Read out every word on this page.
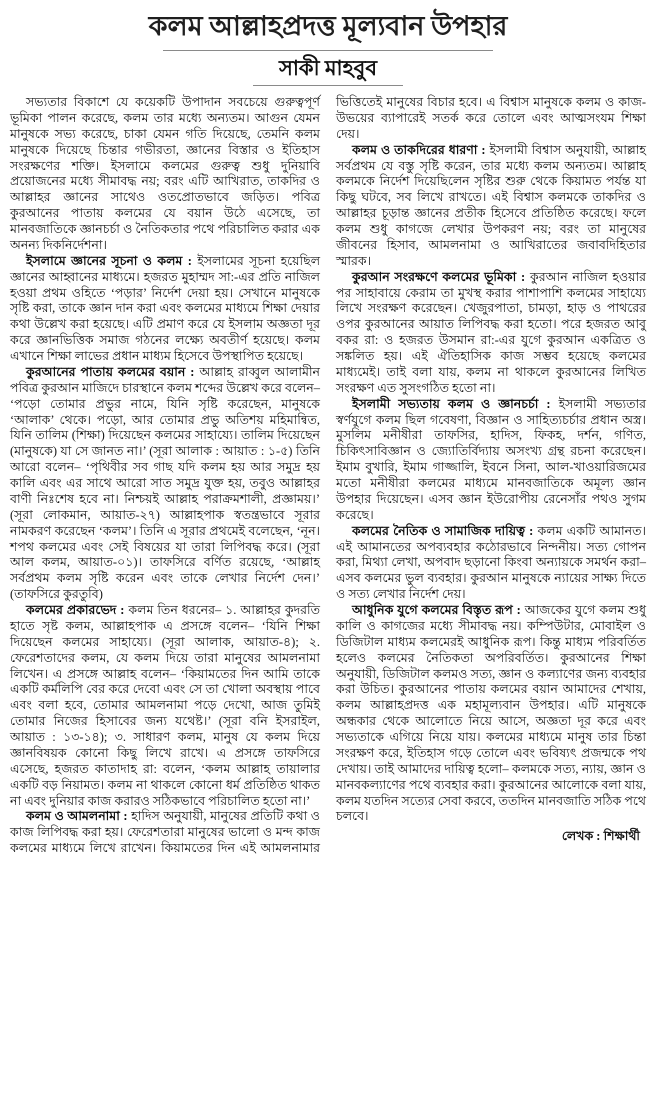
কলম আল্লাহপ্রদত্ত মূল্যবান উপহার
সাকী মাহবুব

সভ্যতার বিকাশে যে কয়েকটি উপাদান সবচেয়ে গুরুত্বপূর্ণ ভূমিকা পালন করেছে, কলম তার মধ্যে অন্যতম। আগুন যেমন মানুষকে সভ্য করেছে, চাকা যেমন গতি দিয়েছে, তেমনি কলম মানুষকে দিয়েছে চিন্তার গভীরতা, জ্ঞানের বিস্তার ও ইতিহাস সংরক্ষণের শক্তি। ইসলামে কলমের গুরুত্ব শুধু দুনিয়াবি প্রয়োজনের মধ্যে সীমাবদ্ধ নয়; বরং এটি আখিরাত, তাকদির ও আল্লাহর জ্ঞানের সাথেও ওতপ্রোতভাবে জড়িত। পবিত্র কুরআনের পাতায় কলমের যে বয়ান উঠে এসেছে, তা মানবজাতিকে জ্ঞানচর্চা ও নৈতিকতার পথে পরিচালিত করার এক অনন্য দিকনির্দেশনা।

ইসলামে জ্ঞানের সূচনা ও কলম : ইসলামের সূচনা হয়েছিল জ্ঞানের আহ্বানের মাধ্যমে। হজরত মুহাম্মদ সা:-এর প্রতি নাজিল হওয়া প্রথম ওহিতে ‘পড়ার’ নির্দেশ দেয়া হয়। সেখানে মানুষকে সৃষ্টি করা, তাকে জ্ঞান দান করা এবং কলমের মাধ্যমে শিক্ষা দেয়ার কথা উল্লেখ করা হয়েছে। এটি প্রমাণ করে যে ইসলাম অজ্ঞতা দূর করে জ্ঞানভিত্তিক সমাজ গঠনের লক্ষ্যে অবতীর্ণ হয়েছে। কলম এখানে শিক্ষা লাভের প্রধান মাধ্যম হিসেবে উপস্থাপিত হয়েছে।

কুরআনের পাতায় কলমের বয়ান : আল্লাহ রাব্বুল আলামীন পবিত্র কুরআন মাজিদে চারস্থানে কলম শব্দের উল্লেখ করে বলেন– ‘পড়ো তোমার প্রভুর নামে, যিনি সৃষ্টি করেছেন, মানুষকে ‘আলাক’ থেকে। পড়ো, আর তোমার প্রভু অতিশয় মহিমান্বিত, যিনি তালিম (শিক্ষা) দিয়েছেন কলমের সাহায্যে। তালিম দিয়েছেন (মানুষকে) যা সে জানত না।’ (সূরা আলাক : আয়াত : ১-৫) তিনি আরো বলেন– ‘পৃথিবীর সব গাছ যদি কলম হয় আর সমুদ্র হয় কালি এবং এর সাথে আরো সাত সমুদ্র যুক্ত হয়, তবুও আল্লাহর বাণী নিঃশেষ হবে না। নিশ্চয়ই আল্লাহ পরাক্রমশালী, প্রজ্ঞাময়।’ (সূরা লোকমান, আয়াত-২৭) আল্লাহপাক স্বতন্ত্রভাবে সূরার নামকরণ করেছেন ‘কলম’। তিনি এ সূরার প্রথমেই বলেছেন, ‘নূন। শপথ কলমের এবং সেই বিষয়ের যা তারা লিপিবদ্ধ করে। (সূরা আল কলম, আয়াত-০১)। তাফসিরে বর্ণিত রয়েছে, ‘আল্লাহ সর্বপ্রথম কলম সৃষ্টি করেন এবং তাকে লেখার নির্দেশ দেন।’ (তাফসিরে কুরতুবি)

কলমের প্রকারভেদ : কলম তিন ধরনের– ১. আল্লাহর কুদরতি হাতে সৃষ্ট কলম, আল্লাহপাক এ প্রসঙ্গে বলেন– ‘যিনি শিক্ষা দিয়েছেন কলমের সাহায্যে। (সূরা আলাক, আয়াত-৪); ২. ফেরেশতাদের কলম, যে কলম দিয়ে তারা মানুষের আমলনামা লিখেন। এ প্রসঙ্গে আল্লাহ বলেন– ‘কিয়ামতের দিন আমি তাকে একটি কর্মলিপি বের করে দেবো এবং সে তা খোলা অবস্থায় পাবে এবং বলা হবে, তোমার আমলনামা পড়ে দেখো, আজ তুমিই তোমার নিজের হিসাবের জন্য যথেষ্ট।’ (সূরা বনি ইসরাইল, আয়াত : ১৩-১৪); ৩. সাধারণ কলম, মানুষ যে কলম দিয়ে জ্ঞানবিষয়ক কোনো কিছু লিখে রাখে। এ প্রসঙ্গে তাফসিরে এসেছে, হজরত কাতাদাহ রা: বলেন, ‘কলম আল্লাহ তায়ালার একটি বড় নিয়ামত। কলম না থাকলে কোনো ধর্ম প্রতিষ্ঠিত থাকত না এবং দুনিয়ার কাজ করারও সঠিকভাবে পরিচালিত হতো না।’

কলম ও আমলনামা : হাদিস অনুযায়ী, মানুষের প্রতিটি কথা ও কাজ লিপিবদ্ধ করা হয়। ফেরেশতারা মানুষের ভালো ও মন্দ কাজ কলমের মাধ্যমে লিখে রাখেন। কিয়ামতের দিন এই আমলনামার ভিত্তিতেই মানুষের বিচার হবে। এ বিশ্বাস মানুষকে কলম ও কাজ-উভয়ের ব্যাপারেই সতর্ক করে তোলে এবং আত্মসংযম শিক্ষা দেয়।

কলম ও তাকদিরের ধারণা : ইসলামী বিশ্বাস অনুযায়ী, আল্লাহ সর্বপ্রথম যে বস্তু সৃষ্টি করেন, তার মধ্যে কলম অন্যতম। আল্লাহ কলমকে নির্দেশ দিয়েছিলেন সৃষ্টির শুরু থেকে কিয়ামত পর্যন্ত যা কিছু ঘটবে, সব লিখে রাখতে। এই বিশ্বাস কলমকে তাকদির ও আল্লাহর চূড়ান্ত জ্ঞানের প্রতীক হিসেবে প্রতিষ্ঠিত করেছে। ফলে কলম শুধু কাগজে লেখার উপকরণ নয়; বরং তা মানুষের জীবনের হিসাব, আমলনামা ও আখিরাতের জবাবদিহিতার স্মারক।

কুরআন সংরক্ষণে কলমের ভূমিকা : কুরআন নাজিল হওয়ার পর সাহাবায়ে কেরাম তা মুখস্থ করার পাশাপাশি কলমের সাহায্যে লিখে সংরক্ষণ করেছেন। খেজুরপাতা, চামড়া, হাড় ও পাথরের ওপর কুরআনের আয়াত লিপিবদ্ধ করা হতো। পরে হজরত আবু বকর রা: ও হজরত উসমান রা:-এর যুগে কুরআন একত্রিত ও সঙ্কলিত হয়। এই ঐতিহাসিক কাজ সম্ভব হয়েছে কলমের মাধ্যমেই। তাই বলা যায়, কলম না থাকলে কুরআনের লিখিত সংরক্ষণ এত সুসংগঠিত হতো না।

ইসলামী সভ্যতায় কলম ও জ্ঞানচর্চা : ইসলামী সভ্যতার স্বর্ণযুগে কলম ছিল গবেষণা, বিজ্ঞান ও সাহিত্যচর্চার প্রধান অস্ত্র। মুসলিম মনীষীরা তাফসির, হাদিস, ফিকহ, দর্শন, গণিত, চিকিৎসাবিজ্ঞান ও জ্যোতির্বিদ্যায় অসংখ্য গ্রন্থ রচনা করেছেন। ইমাম বুখারি, ইমাম গাজ্জালি, ইবনে সিনা, আল-খাওয়ারিজমের মতো মনীষীরা কলমের মাধ্যমে মানবজাতিকে অমূল্য জ্ঞান উপহার দিয়েছেন। এসব জ্ঞান ইউরোপীয় রেনেসাঁর পথও সুগম করেছে।

কলমের নৈতিক ও সামাজিক দায়িত্ব : কলম একটি আমানত। এই আমানতের অপব্যবহার কঠোরভাবে নিন্দনীয়। সত্য গোপন করা, মিথ্যা লেখা, অপবাদ ছড়ানো কিংবা অন্যায়কে সমর্থন করা– এসব কলমের ভুল ব্যবহার। কুরআন মানুষকে ন্যায়ের সাক্ষ্য দিতে ও সত্য লেখার নির্দেশ দেয়।

আধুনিক যুগে কলমের বিস্তৃত রূপ : আজকের যুগে কলম শুধু কালি ও কাগজের মধ্যে সীমাবদ্ধ নয়। কম্পিউটার, মোবাইল ও ডিজিটাল মাধ্যম কলমেরই আধুনিক রূপ। কিন্তু মাধ্যম পরিবর্তিত হলেও কলমের নৈতিকতা অপরিবর্তিত। কুরআনের শিক্ষা অনুযায়ী, ডিজিটাল কলমও সত্য, জ্ঞান ও কল্যাণের জন্য ব্যবহার করা উচিত। কুরআনের পাতায় কলমের বয়ান আমাদের শেখায়, কলম আল্লাহপ্রদত্ত এক মহামূল্যবান উপহার। এটি মানুষকে অন্ধকার থেকে আলোতে নিয়ে আসে, অজ্ঞতা দূর করে এবং সভ্যতাকে এগিয়ে নিয়ে যায়। কলমের মাধ্যমে মানুষ তার চিন্তা সংরক্ষণ করে, ইতিহাস গড়ে তোলে এবং ভবিষ্যৎ প্রজন্মকে পথ দেখায়। তাই আমাদের দায়িত্ব হলো– কলমকে সত্য, ন্যায়, জ্ঞান ও মানবকল্যাণের পথে ব্যবহার করা। কুরআনের আলোকে বলা যায়, কলম যতদিন সত্যের সেবা করবে, ততদিন মানবজাতি সঠিক পথে চলবে।

লেখক : শিক্ষার্থী
